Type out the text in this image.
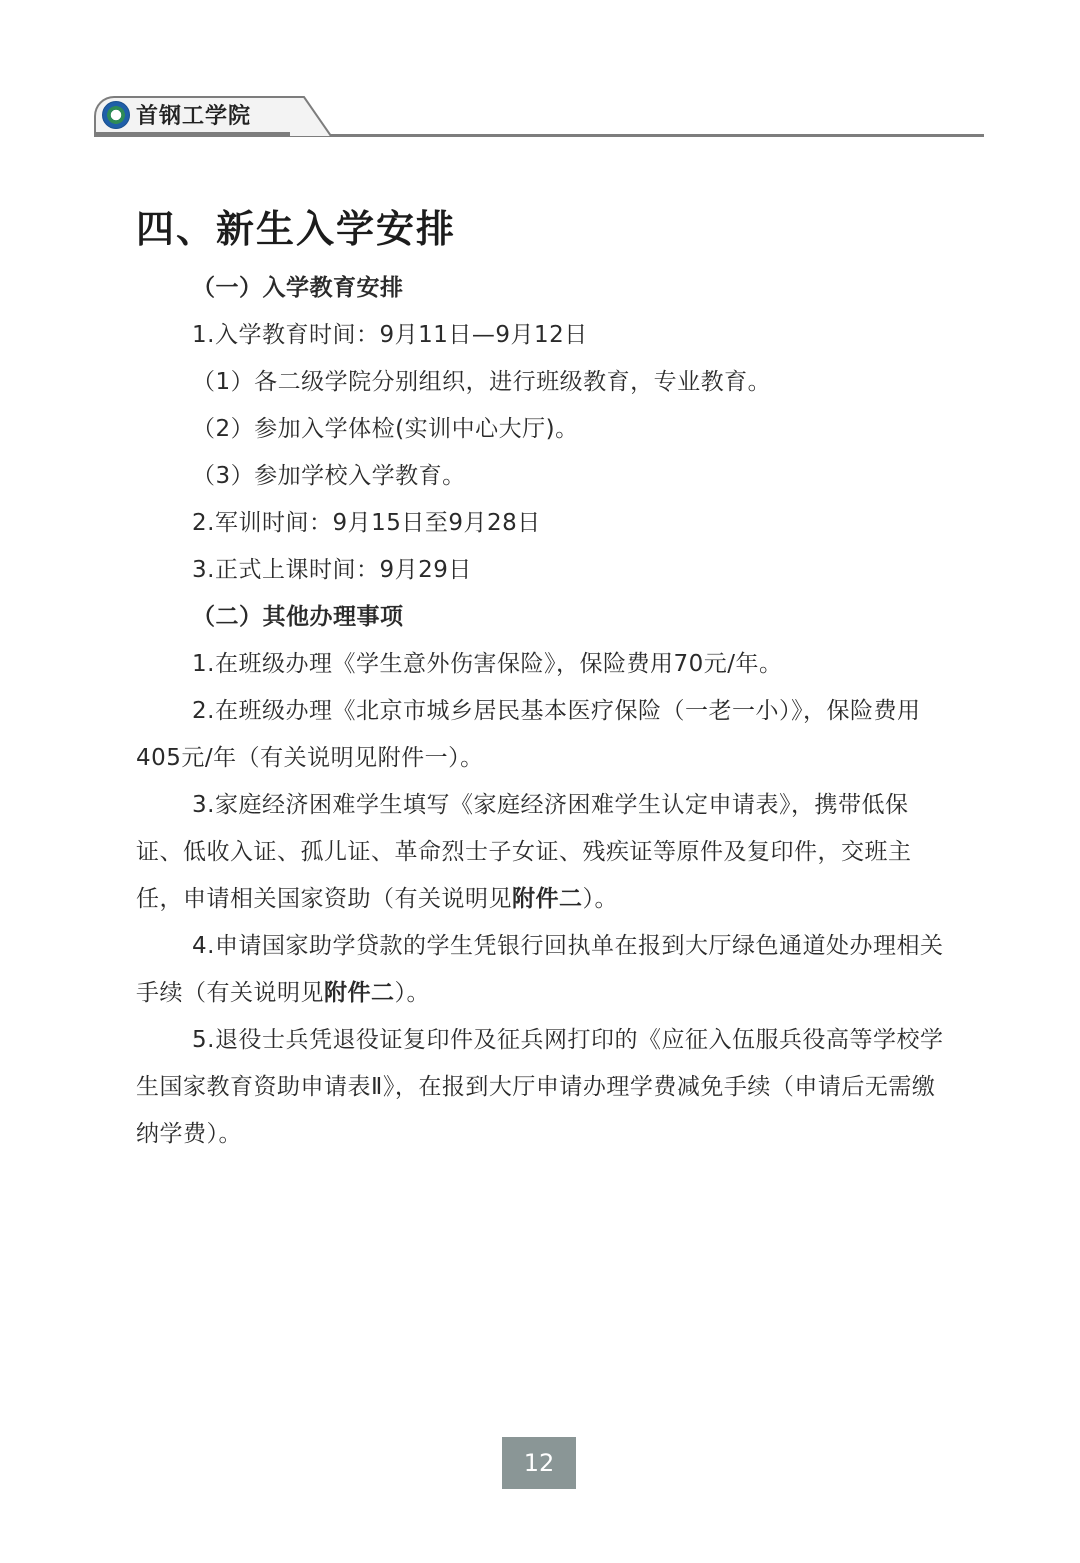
首钢工学院
四、新生入学安排

（一）入学教育安排

1.入学教育时间：9月11日—9月12日

（1）各二级学院分别组织，进行班级教育，专业教育。

（2）参加入学体检(实训中心大厅)。

（3）参加学校入学教育。

2.军训时间：9月15日至9月28日

3.正式上课时间：9月29日

（二）其他办理事项

1.在班级办理《学生意外伤害保险》，保险费用70元/年。

2.在班级办理《北京市城乡居民基本医疗保险（一老一小）》，保险费用405元/年（有关说明见附件一）。

3.家庭经济困难学生填写《家庭经济困难学生认定申请表》，携带低保证、低收入证、孤儿证、革命烈士子女证、残疾证等原件及复印件，交班主任，申请相关国家资助（有关说明见附件二）。

4.申请国家助学贷款的学生凭银行回执单在报到大厅绿色通道处办理相关手续（有关说明见附件二）。

5.退役士兵凭退役证复印件及征兵网打印的《应征入伍服兵役高等学校学生国家教育资助申请表Ⅱ》，在报到大厅申请办理学费减免手续（申请后无需缴纳学费）。

12
